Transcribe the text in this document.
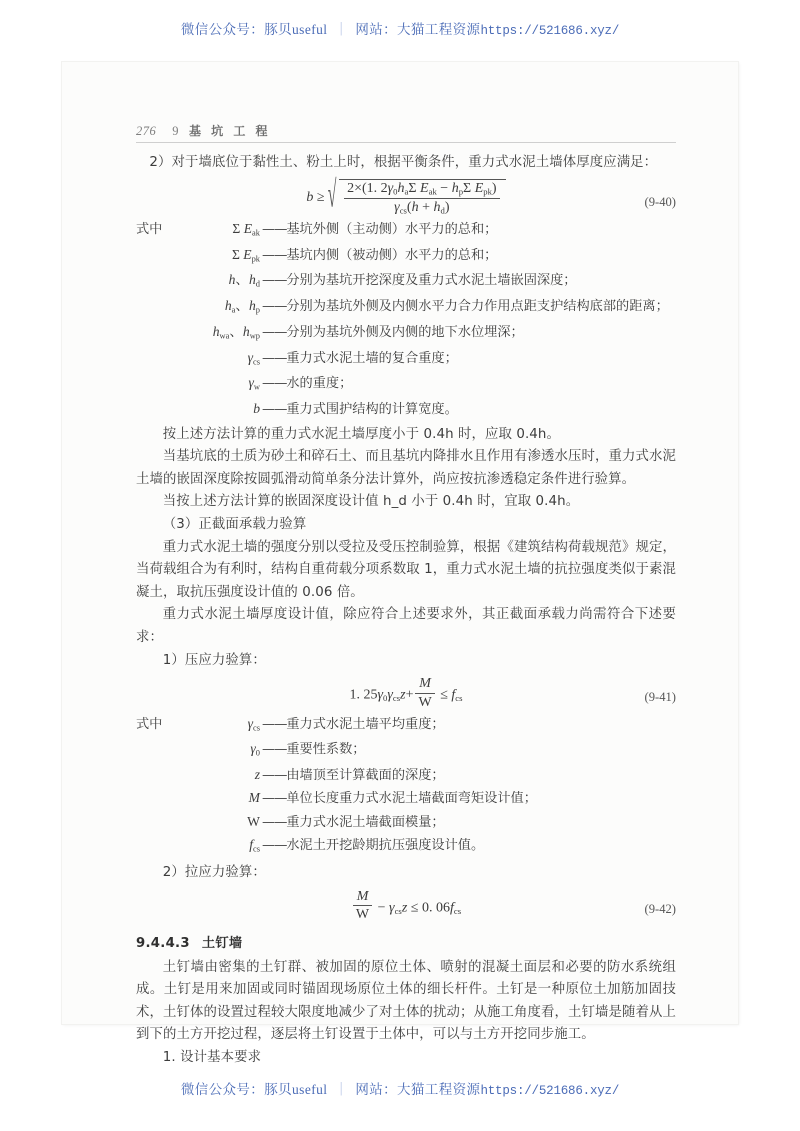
微信公众号：豚贝useful ｜ 网站：大猫工程资源https://521686.xyz/
276 9 基 坑 工 程

2）对于墙底位于黏性土、粉土上时，根据平衡条件，重力式水泥土墙体厚度应满足：

b ≥ √ $\frac{2\times(1. 2\gamma_0h_a\Sigma E_{ak} - h_p\Sigma E_{pk})}{\gamma_{cs}(h + h_d)}$	(9-40)
式中	Σ $E_{ak}$ —— 基坑外侧（主动侧）水平力的总和；
Σ $E_{pk}$ —— 基坑内侧（被动侧）水平力的总和；
h、$h_d$ —— 分别为基坑开挖深度及重力式水泥土墙嵌固深度；
$h_a$、$h_p$ —— 分别为基坑外侧及内侧水平力合力作用点距支护结构底部的距离；
$h_{wa}$、$h_{wp}$ —— 分别为基坑外侧及内侧的地下水位埋深；
$\gamma_{cs}$ —— 重力式水泥土墙的复合重度；
$\gamma_w$ —— 水的重度；
b —— 重力式围护结构的计算宽度。

按上述方法计算的重力式水泥土墙厚度小于 0.4h 时，应取 0.4h。

当基坑底的土质为砂土和碎石土、而且基坑内降排水且作用有渗透水压时，重力式水泥土墙的嵌固深度除按圆弧滑动简单条分法计算外，尚应按抗渗透稳定条件进行验算。

当按上述方法计算的嵌固深度设计值 h_d 小于 0.4h 时，宜取 0.4h。

（3）正截面承载力验算

重力式水泥土墙的强度分别以受拉及受压控制验算，根据《建筑结构荷载规范》规定，当荷载组合为有利时，结构自重荷载分项系数取 1，重力式水泥土墙的抗拉强度类似于素混凝土，取抗压强度设计值的 0.06 倍。

重力式水泥土墙厚度设计值，除应符合上述要求外，其正截面承载力尚需符合下述要求：

1）压应力验算：

1. $25\gamma_0\gamma_{cs}z+ \frac{M}{W} \le f_{cs}$	(9-41)
式中	$\gamma_{cs}$ —— 重力式水泥土墙平均重度；
$\gamma_0$ —— 重要性系数；
z —— 由墙顶至计算截面的深度；
M —— 单位长度重力式水泥土墙截面弯矩设计值；
W —— 重力式水泥土墙截面模量；
$f_{cs}$ —— 水泥土开挖龄期抗压强度设计值。

2）拉应力验算：

$\frac{M}{W} - \gamma_{cs}z \le 0$. $06f_{cs}$	(9-42)
9.4.4.3 土钉墙

土钉墙由密集的土钉群、被加固的原位土体、喷射的混凝土面层和必要的防水系统组成。土钉是用来加固或同时锚固现场原位土体的细长杆件。土钉是一种原位土加筋加固技术，土钉体的设置过程较大限度地减少了对土体的扰动；从施工角度看，土钉墙是随着从上到下的土方开挖过程，逐层将土钉设置于土体中，可以与土方开挖同步施工。

1. 设计基本要求

微信公众号：豚贝useful ｜ 网站：大猫工程资源https://521686.xyz/
